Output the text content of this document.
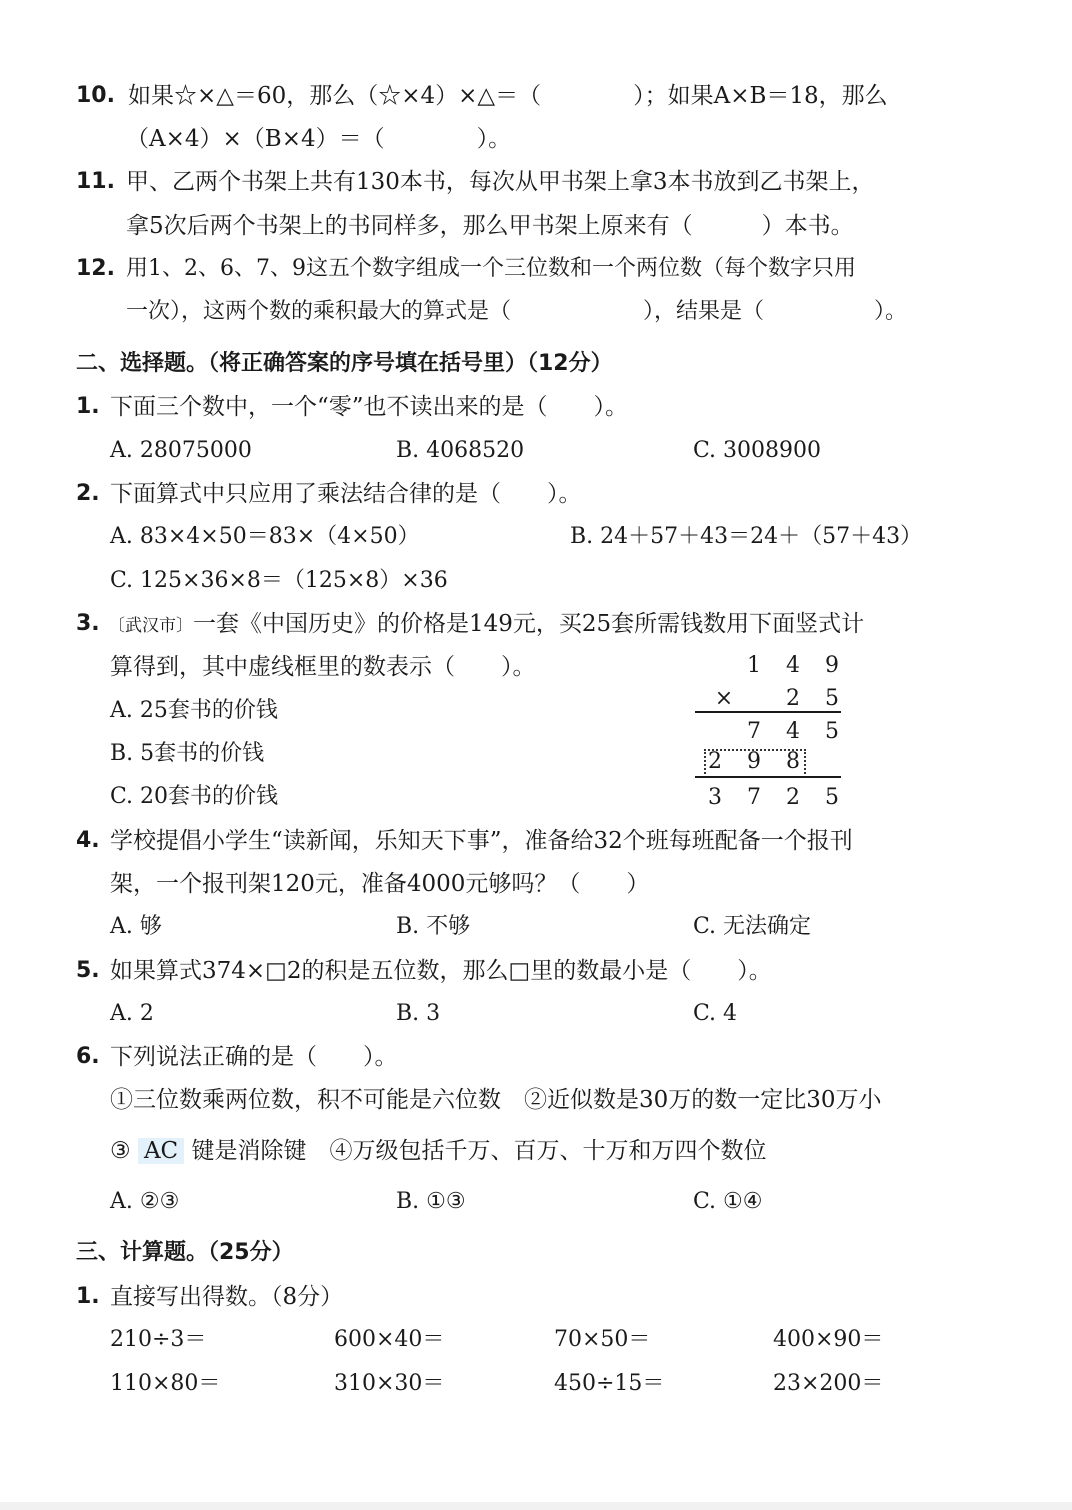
10. 如果☆×△＝60，那么（☆×4）×△＝（　　　　）；如果A×B＝18，那么
（A×4）×（B×4）＝（　　　　）。
11. 甲、乙两个书架上共有130本书，每次从甲书架上拿3本书放到乙书架上，
拿5次后两个书架上的书同样多，那么甲书架上原来有（　　　）本书。
12. 用1、2、6、7、9这五个数字组成一个三位数和一个两位数（每个数字只用
一次），这两个数的乘积最大的算式是（　　　　　　），结果是（　　　　　）。
二、选择题。（将正确答案的序号填在括号里）（12分）
1. 下面三个数中，一个“零”也不读出来的是（　　）。
A. 28075000	B. 4068520	C. 3008900
2. 下面算式中只应用了乘法结合律的是（　　）。
A. 83×4×50＝83×（4×50）	B. 24＋57＋43＝24＋（57＋43）
C. 125×36×8＝（125×8）×36
3. 〔武汉市〕一套《中国历史》的价格是149元，买25套所需钱数用下面竖式计
算得到，其中虚线框里的数表示（　　）。
A. 25套书的价钱
B. 5套书的价钱
C. 20套书的价钱
1 4 9
× 2 5
7 4 5
2 9 8
3 7 2 5
4. 学校提倡小学生“读新闻，乐知天下事”，准备给32个班每班配备一个报刊
架，一个报刊架120元，准备4000元够吗？（　　）
A. 够	B. 不够	C. 无法确定
5. 如果算式374×□2的积是五位数，那么□里的数最小是（　　）。
A. 2	B. 3	C. 4
6. 下列说法正确的是（　　）。
①三位数乘两位数，积不可能是六位数　②近似数是30万的数一定比30万小
③ AC 键是消除键　④万级包括千万、百万、十万和万四个数位
A. ②③	B. ①③	C. ①④
三、计算题。（25分）
1. 直接写出得数。（8分）
210÷3＝	600×40＝	70×50＝	400×90＝
110×80＝	310×30＝	450÷15＝	23×200＝
